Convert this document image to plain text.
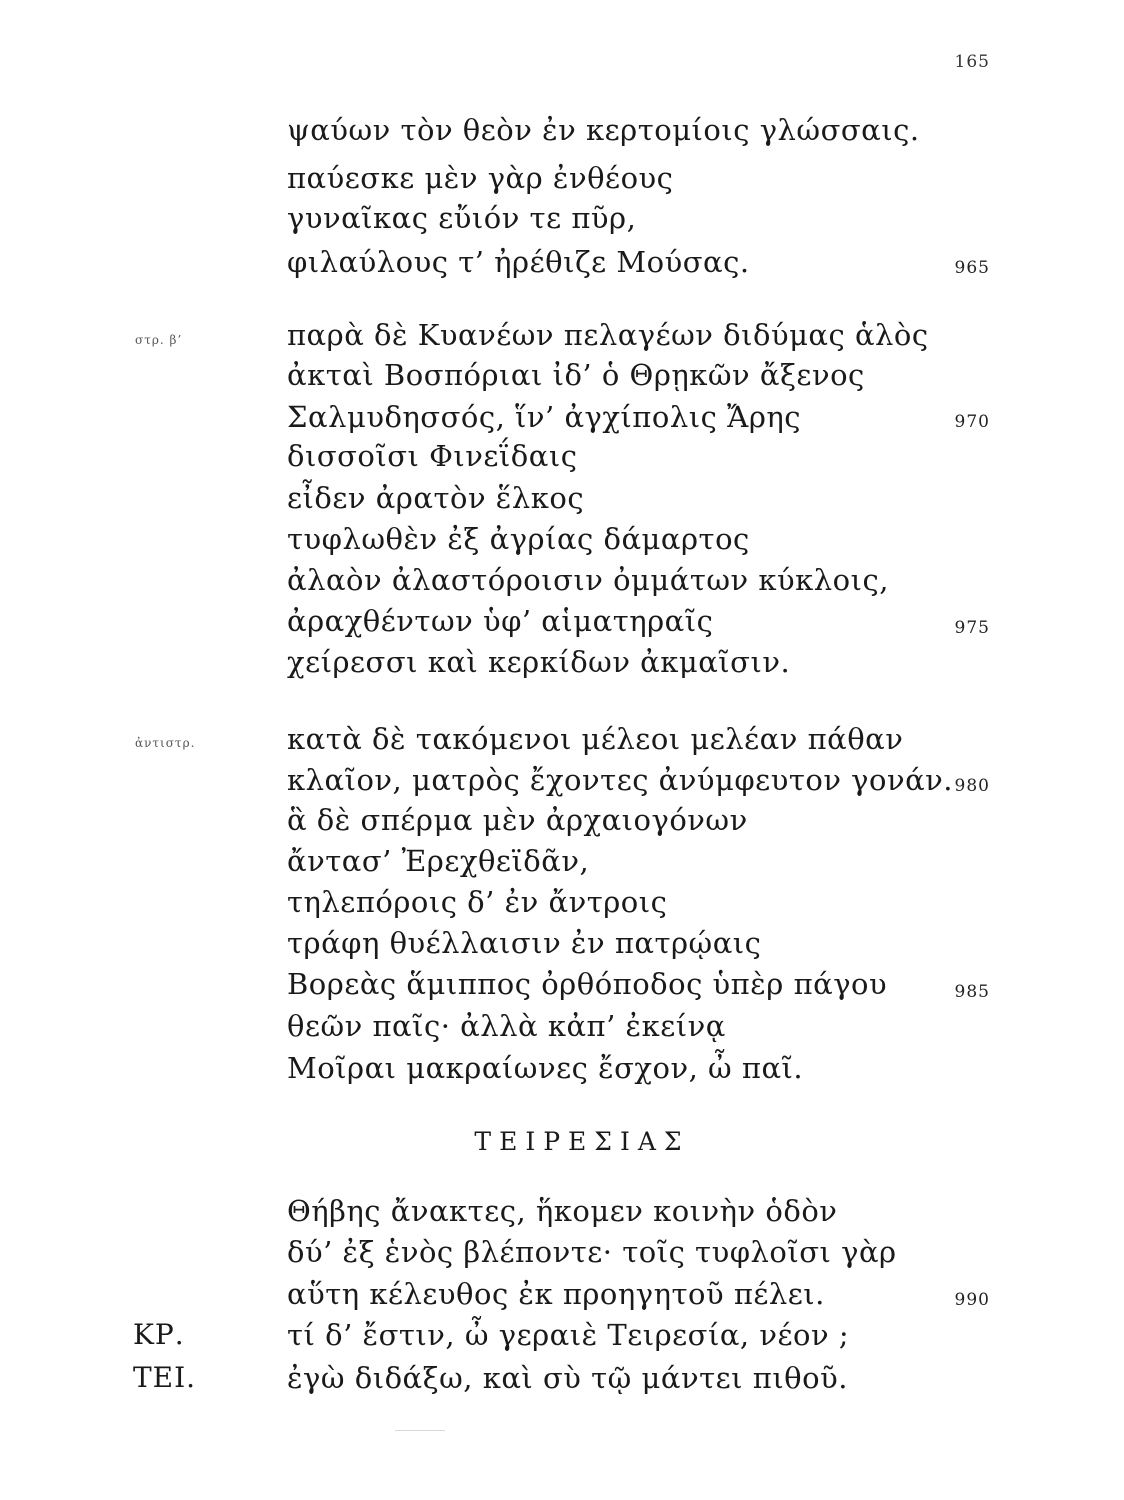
165
ψαύων τὸν θεὸν ἐν κερτομίοις γλώσσαις.
παύεσκε μὲν γὰρ ἐνθέους
γυναῖκας εὔιόν τε πῦρ,
φιλαύλους τ’ ἠρέθιζε Μούσας.	965
στρ. β’	παρὰ δὲ Κυανέων πελαγέων διδύμας ἁλὸς
ἀκταὶ Βοσπόριαι ἰδ’ ὁ Θρῃκῶν ἄξενος
Σαλμυδησσός, ἵν’ ἀγχίπολις Ἄρης	970
δισσοῖσι Φινεΐδαις
εἶδεν ἀρατὸν ἕλκος
τυφλωθὲν ἐξ ἀγρίας δάμαρτος
ἀλαὸν ἀλαστόροισιν ὀμμάτων κύκλοις,
ἀραχθέντων ὑφ’ αἱματηραῖς	975
χείρεσσι καὶ κερκίδων ἀκμαῖσιν.
ἀντιστρ.	κατὰ δὲ τακόμενοι μέλεοι μελέαν πάθαν
κλαῖον, ματρὸς ἔχοντες ἀνύμφευτον γονάν. 980
ἃ δὲ σπέρμα μὲν ἀρχαιογόνων
ἄντασ’ Ἐρεχθεϊδᾶν,
τηλεπόροις δ’ ἐν ἄντροις
τράφη θυέλλαισιν ἐν πατρῴαις
Βορεὰς ἅμιππος ὀρθόποδος ὑπὲρ πάγου	985
θεῶν παῖς· ἀλλὰ κἀπ’ ἐκείνᾳ
Μοῖραι μακραίωνες ἔσχον, ὦ παῖ.
ΤΕΙΡΕΣΙΑΣ
Θήβης ἄνακτες, ἥκομεν κοινὴν ὁδὸν
δύ’ ἐξ ἑνὸς βλέποντε· τοῖς τυφλοῖσι γὰρ
αὕτη κέλευθος ἐκ προηγητοῦ πέλει.	990
ΚΡ.	τί δ’ ἔστιν, ὦ γεραιὲ Τειρεσία, νέον ;
ΤΕΙ.	ἐγὼ διδάξω, καὶ σὺ τῷ μάντει πιθοῦ.
